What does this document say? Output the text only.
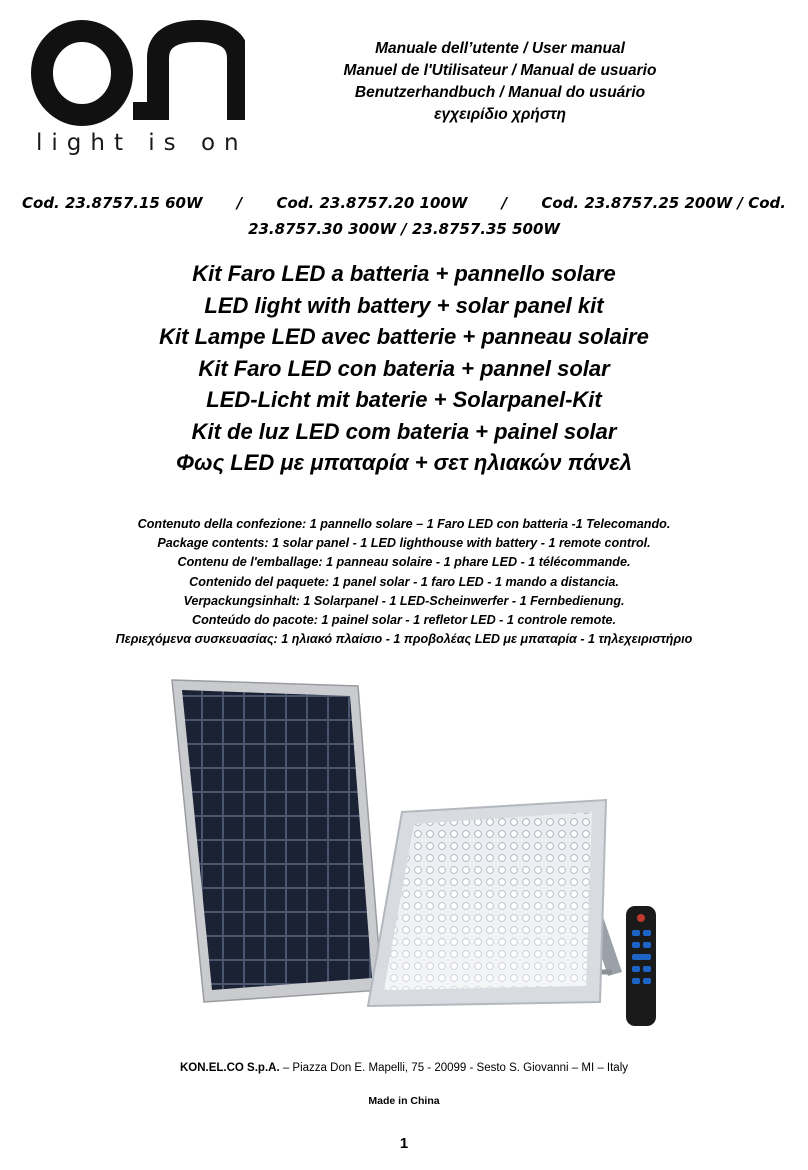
light is on
Manuale dell’utente / User manual
Manuel de l'Utilisateur / Manual de usuario
Benutzerhandbuch / Manual do usuário
εγχειρίδιο χρήστη
Cod. 23.8757.15 60W / Cod. 23.8757.20 100W / Cod. 23.8757.25 200W / Cod.
23.8757.30 300W / 23.8757.35 500W
Kit Faro LED a batteria + pannello solare
LED light with battery + solar panel kit
Kit Lampe LED avec batterie + panneau solaire
Kit Faro LED con bateria + pannel solar
LED-Licht mit baterie + Solarpanel-Kit
Kit de luz LED com bateria + painel solar
Φως LED με μπαταρία + σετ ηλιακών πάνελ
Contenuto della confezione: 1 pannello solare – 1 Faro LED con batteria -1 Telecomando.
Package contents: 1 solar panel - 1 LED lighthouse with battery - 1 remote control.
Contenu de l'emballage: 1 panneau solaire - 1 phare LED - 1 télécommande.
Contenido del paquete: 1 panel solar - 1 faro LED - 1 mando a distancia.
Verpackungsinhalt: 1 Solarpanel - 1 LED-Scheinwerfer - 1 Fernbedienung.
Conteúdo do pacote: 1 painel solar - 1 refletor LED - 1 controle remote.
Περιεχόμενα συσκευασίας: 1 ηλιακό πλαίσιο - 1 προβολέας LED με μπαταρία - 1 τηλεχειριστήριο
KON.EL.CO S.p.A. – Piazza Don E. Mapelli, 75 - 20099 - Sesto S. Giovanni – MI – Italy
Made in China
1
